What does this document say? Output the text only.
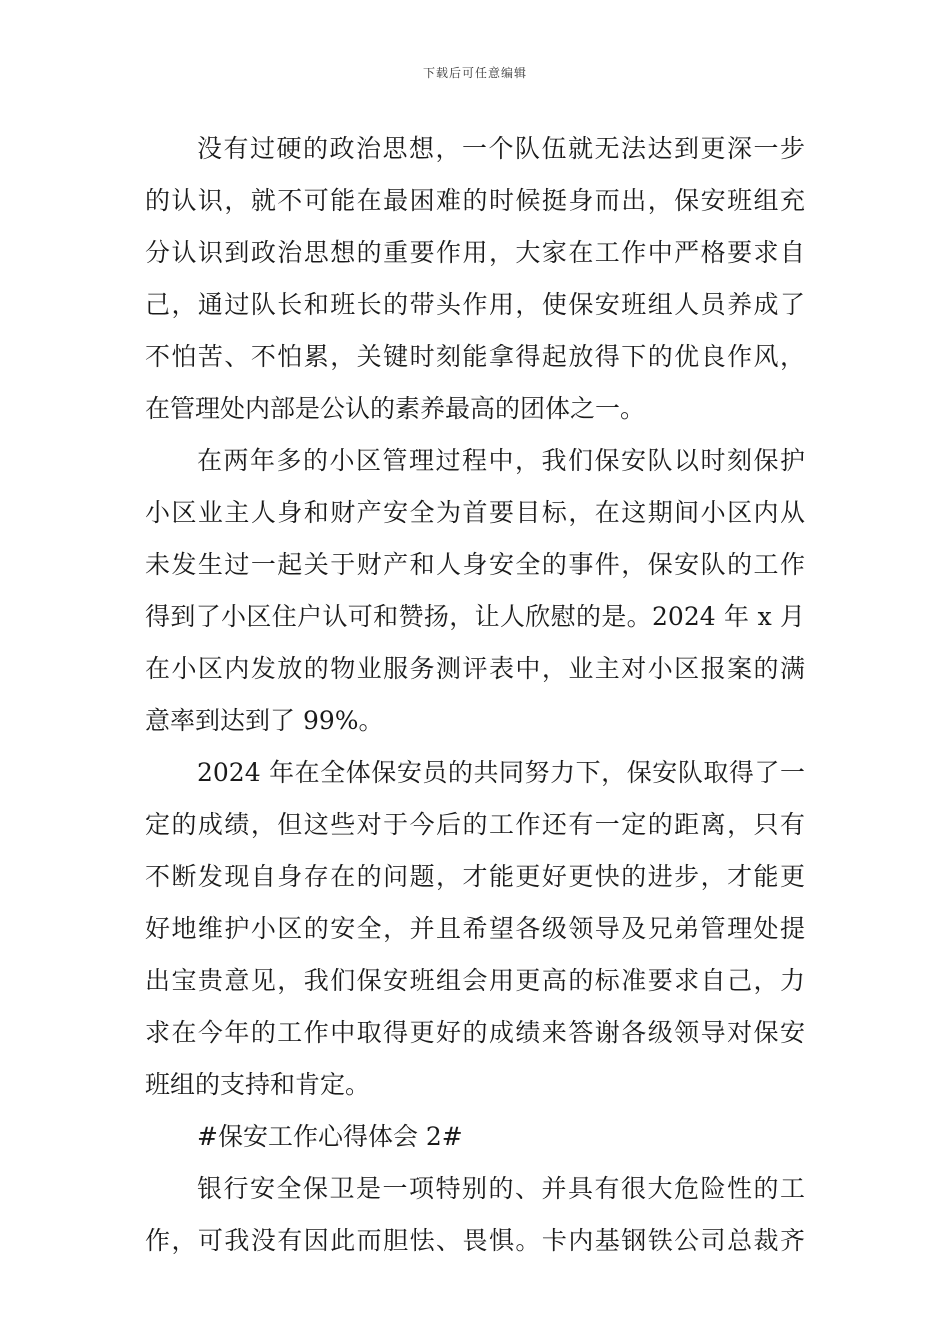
下载后可任意编辑
没有过硬的政治思想，一个队伍就无法达到更深一步
的认识，就不可能在最困难的时候挺身而出，保安班组充
分认识到政治思想的重要作用，大家在工作中严格要求自
己，通过队长和班长的带头作用，使保安班组人员养成了
不怕苦、不怕累，关键时刻能拿得起放得下的优良作风，
在管理处内部是公认的素养最高的团体之一。
在两年多的小区管理过程中，我们保安队以时刻保护
小区业主人身和财产安全为首要目标，在这期间小区内从
未发生过一起关于财产和人身安全的事件，保安队的工作
得到了小区住户认可和赞扬，让人欣慰的是。2024 年 x 月
在小区内发放的物业服务测评表中，业主对小区报案的满
意率到达到了 99%。
2024 年在全体保安员的共同努力下，保安队取得了一
定的成绩，但这些对于今后的工作还有一定的距离，只有
不断发现自身存在的问题，才能更好更快的进步，才能更
好地维护小区的安全，并且希望各级领导及兄弟管理处提
出宝贵意见，我们保安班组会用更高的标准要求自己，力
求在今年的工作中取得更好的成绩来答谢各级领导对保安
班组的支持和肯定。
#保安工作心得体会 2#
银行安全保卫是一项特别的、并具有很大危险性的工
作，可我没有因此而胆怯、畏惧。卡内基钢铁公司总裁齐
